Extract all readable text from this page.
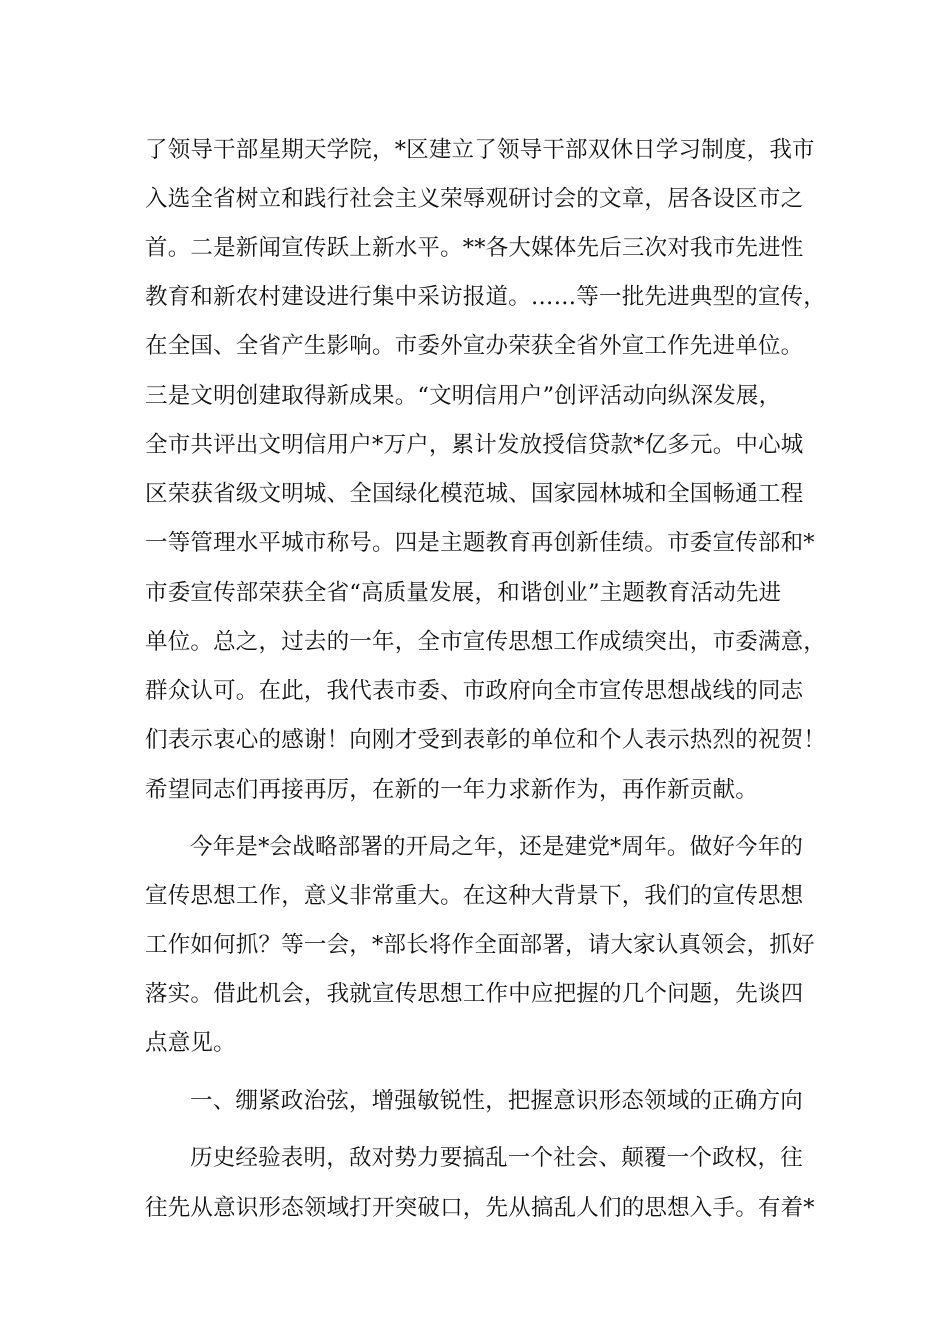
了领导干部星期天学院，*区建立了领导干部双休日学习制度，我市
入选全省树立和践行社会主义荣辱观研讨会的文章，居各设区市之
首。二是新闻宣传跃上新水平。**各大媒体先后三次对我市先进性
教育和新农村建设进行集中采访报道。……等一批先进典型的宣传，
在全国、全省产生影响。市委外宣办荣获全省外宣工作先进单位。
三是文明创建取得新成果。“文明信用户”创评活动向纵深发展，
全市共评出文明信用户*万户，累计发放授信贷款*亿多元。中心城
区荣获省级文明城、全国绿化模范城、国家园林城和全国畅通工程
一等管理水平城市称号。四是主题教育再创新佳绩。市委宣传部和*
市委宣传部荣获全省“高质量发展，和谐创业”主题教育活动先进
单位。总之，过去的一年，全市宣传思想工作成绩突出，市委满意，
群众认可。在此，我代表市委、市政府向全市宣传思想战线的同志
们表示衷心的感谢！向刚才受到表彰的单位和个人表示热烈的祝贺！
希望同志们再接再厉，在新的一年力求新作为，再作新贡献。
今年是*会战略部署的开局之年，还是建党*周年。做好今年的
宣传思想工作，意义非常重大。在这种大背景下，我们的宣传思想
工作如何抓？等一会，*部长将作全面部署，请大家认真领会，抓好
落实。借此机会，我就宣传思想工作中应把握的几个问题，先谈四
点意见。
一、绷紧政治弦，增强敏锐性，把握意识形态领域的正确方向
历史经验表明，敌对势力要搞乱一个社会、颠覆一个政权，往
往先从意识形态领域打开突破口，先从搞乱人们的思想入手。有着*
